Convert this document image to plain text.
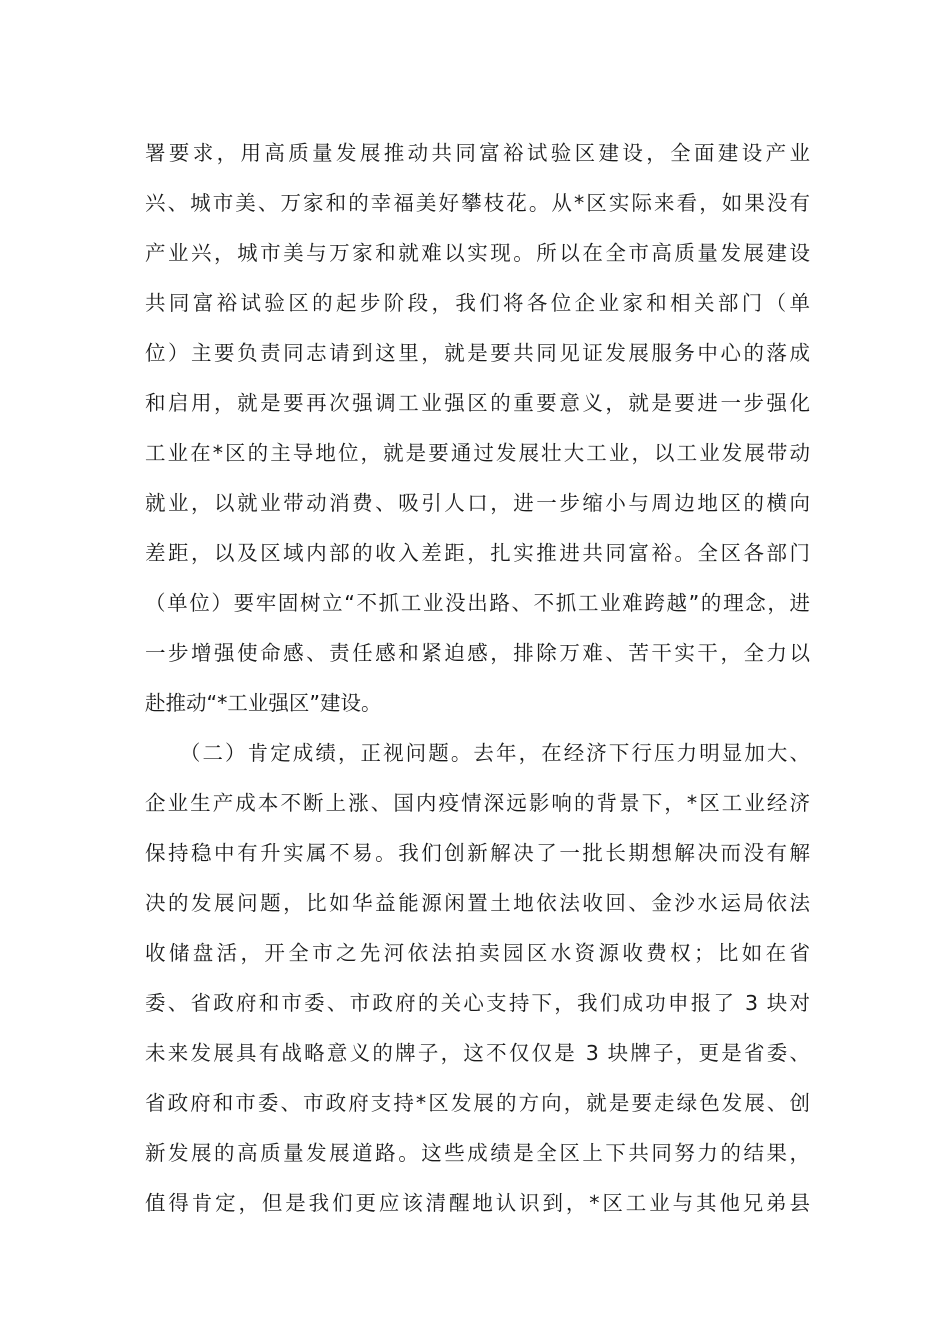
署要求，用高质量发展推动共同富裕试验区建设，全面建设产业
兴、城市美、万家和的幸福美好攀枝花。从*区实际来看，如果没有
产业兴，城市美与万家和就难以实现。所以在全市高质量发展建设
共同富裕试验区的起步阶段，我们将各位企业家和相关部门（单
位）主要负责同志请到这里，就是要共同见证发展服务中心的落成
和启用，就是要再次强调工业强区的重要意义，就是要进一步强化
工业在*区的主导地位，就是要通过发展壮大工业，以工业发展带动
就业，以就业带动消费、吸引人口，进一步缩小与周边地区的横向
差距，以及区域内部的收入差距，扎实推进共同富裕。全区各部门
（单位）要牢固树立“不抓工业没出路、不抓工业难跨越”的理念，进
一步增强使命感、责任感和紧迫感，排除万难、苦干实干，全力以
赴推动“*工业强区”建设。
　　（二）肯定成绩，正视问题。去年，在经济下行压力明显加大、
企业生产成本不断上涨、国内疫情深远影响的背景下，*区工业经济
保持稳中有升实属不易。我们创新解决了一批长期想解决而没有解
决的发展问题，比如华益能源闲置土地依法收回、金沙水运局依法
收储盘活，开全市之先河依法拍卖园区水资源收费权；比如在省
委、省政府和市委、市政府的关心支持下，我们成功申报了 3 块对
未来发展具有战略意义的牌子，这不仅仅是 3 块牌子，更是省委、
省政府和市委、市政府支持*区发展的方向，就是要走绿色发展、创
新发展的高质量发展道路。这些成绩是全区上下共同努力的结果，
值得肯定，但是我们更应该清醒地认识到，*区工业与其他兄弟县
